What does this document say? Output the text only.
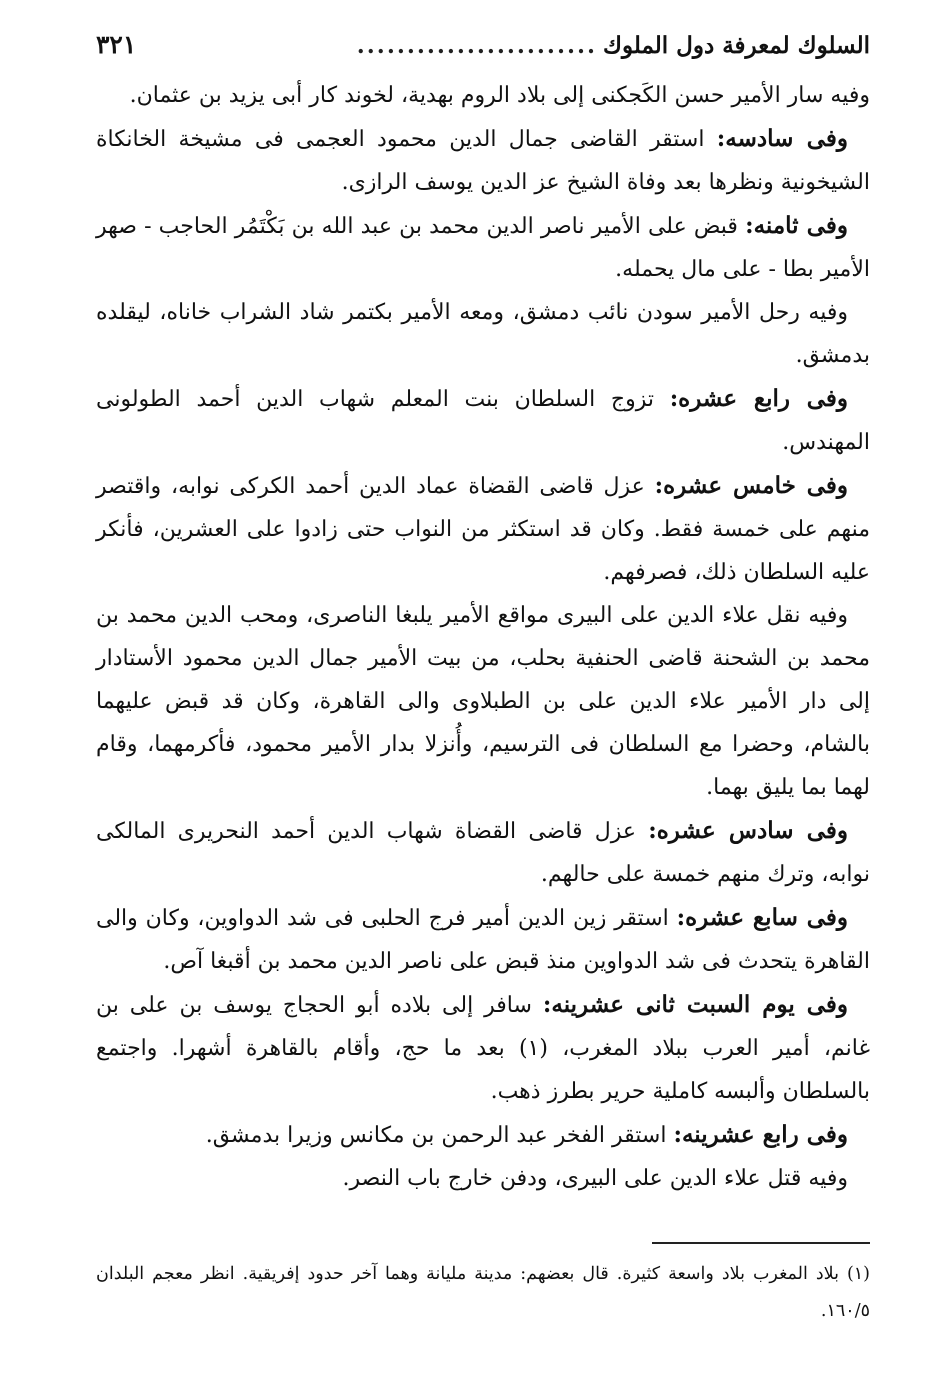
السلوك لمعرفة دول الملوك
........................
٣٢١

وفيه سار الأمير حسن الكَجكنى إلى بلاد الروم بهدية، لخوند كار أبى يزيد بن عثمان.

وفى سادسه: استقر القاضى جمال الدين محمود العجمى فى مشيخة الخانكاة الشيخونية ونظرها بعد وفاة الشيخ عز الدين يوسف الرازى.

وفى ثامنه: قبض على الأمير ناصر الدين محمد بن عبد الله بن بَكْتَمُر الحاجب - صهر الأمير بطا - على مال يحمله.

وفيه رحل الأمير سودن نائب دمشق، ومعه الأمير بكتمر شاد الشراب خاناه، ليقلده بدمشق.

وفى رابع عشره: تزوج السلطان بنت المعلم شهاب الدين أحمد الطولونى المهندس.

وفى خامس عشره: عزل قاضى القضاة عماد الدين أحمد الكركى نوابه، واقتصر منهم على خمسة فقط. وكان قد استكثر من النواب حتى زادوا على العشرين، فأنكر عليه السلطان ذلك، فصرفهم.

وفيه نقل علاء الدين على البيرى مواقع الأمير يلبغا الناصرى، ومحب الدين محمد بن محمد بن الشحنة قاضى الحنفية بحلب، من بيت الأمير جمال الدين محمود الأستادار إلى دار الأمير علاء الدين على بن الطبلاوى والى القاهرة، وكان قد قبض عليهما بالشام، وحضرا مع السلطان فى الترسيم، وأُنزلا بدار الأمير محمود، فأكرمهما، وقام لهما بما يليق بهما.

وفى سادس عشره: عزل قاضى القضاة شهاب الدين أحمد النحريرى المالكى نوابه، وترك منهم خمسة على حالهم.

وفى سابع عشره: استقر زين الدين أمير فرج الحلبى فى شد الدواوين، وكان والى القاهرة يتحدث فى شد الدواوين منذ قبض على ناصر الدين محمد بن أقبغا آص.

وفى يوم السبت ثانى عشرينه: سافر إلى بلاده أبو الحجاج يوسف بن على بن غانم، أمير العرب ببلاد المغرب، (١) بعد ما حج، وأقام بالقاهرة أشهرا. واجتمع بالسلطان وألبسه كاملية حرير بطرز ذهب.

وفى رابع عشرينه: استقر الفخر عبد الرحمن بن مكانس وزيرا بدمشق.

وفيه قتل علاء الدين على البيرى، ودفن خارج باب النصر.

(١) بلاد المغرب بلاد واسعة كثيرة. قال بعضهم: مدينة مليانة وهما آخر حدود إفريقية. انظر معجم البلدان ١٦٠/٥.
